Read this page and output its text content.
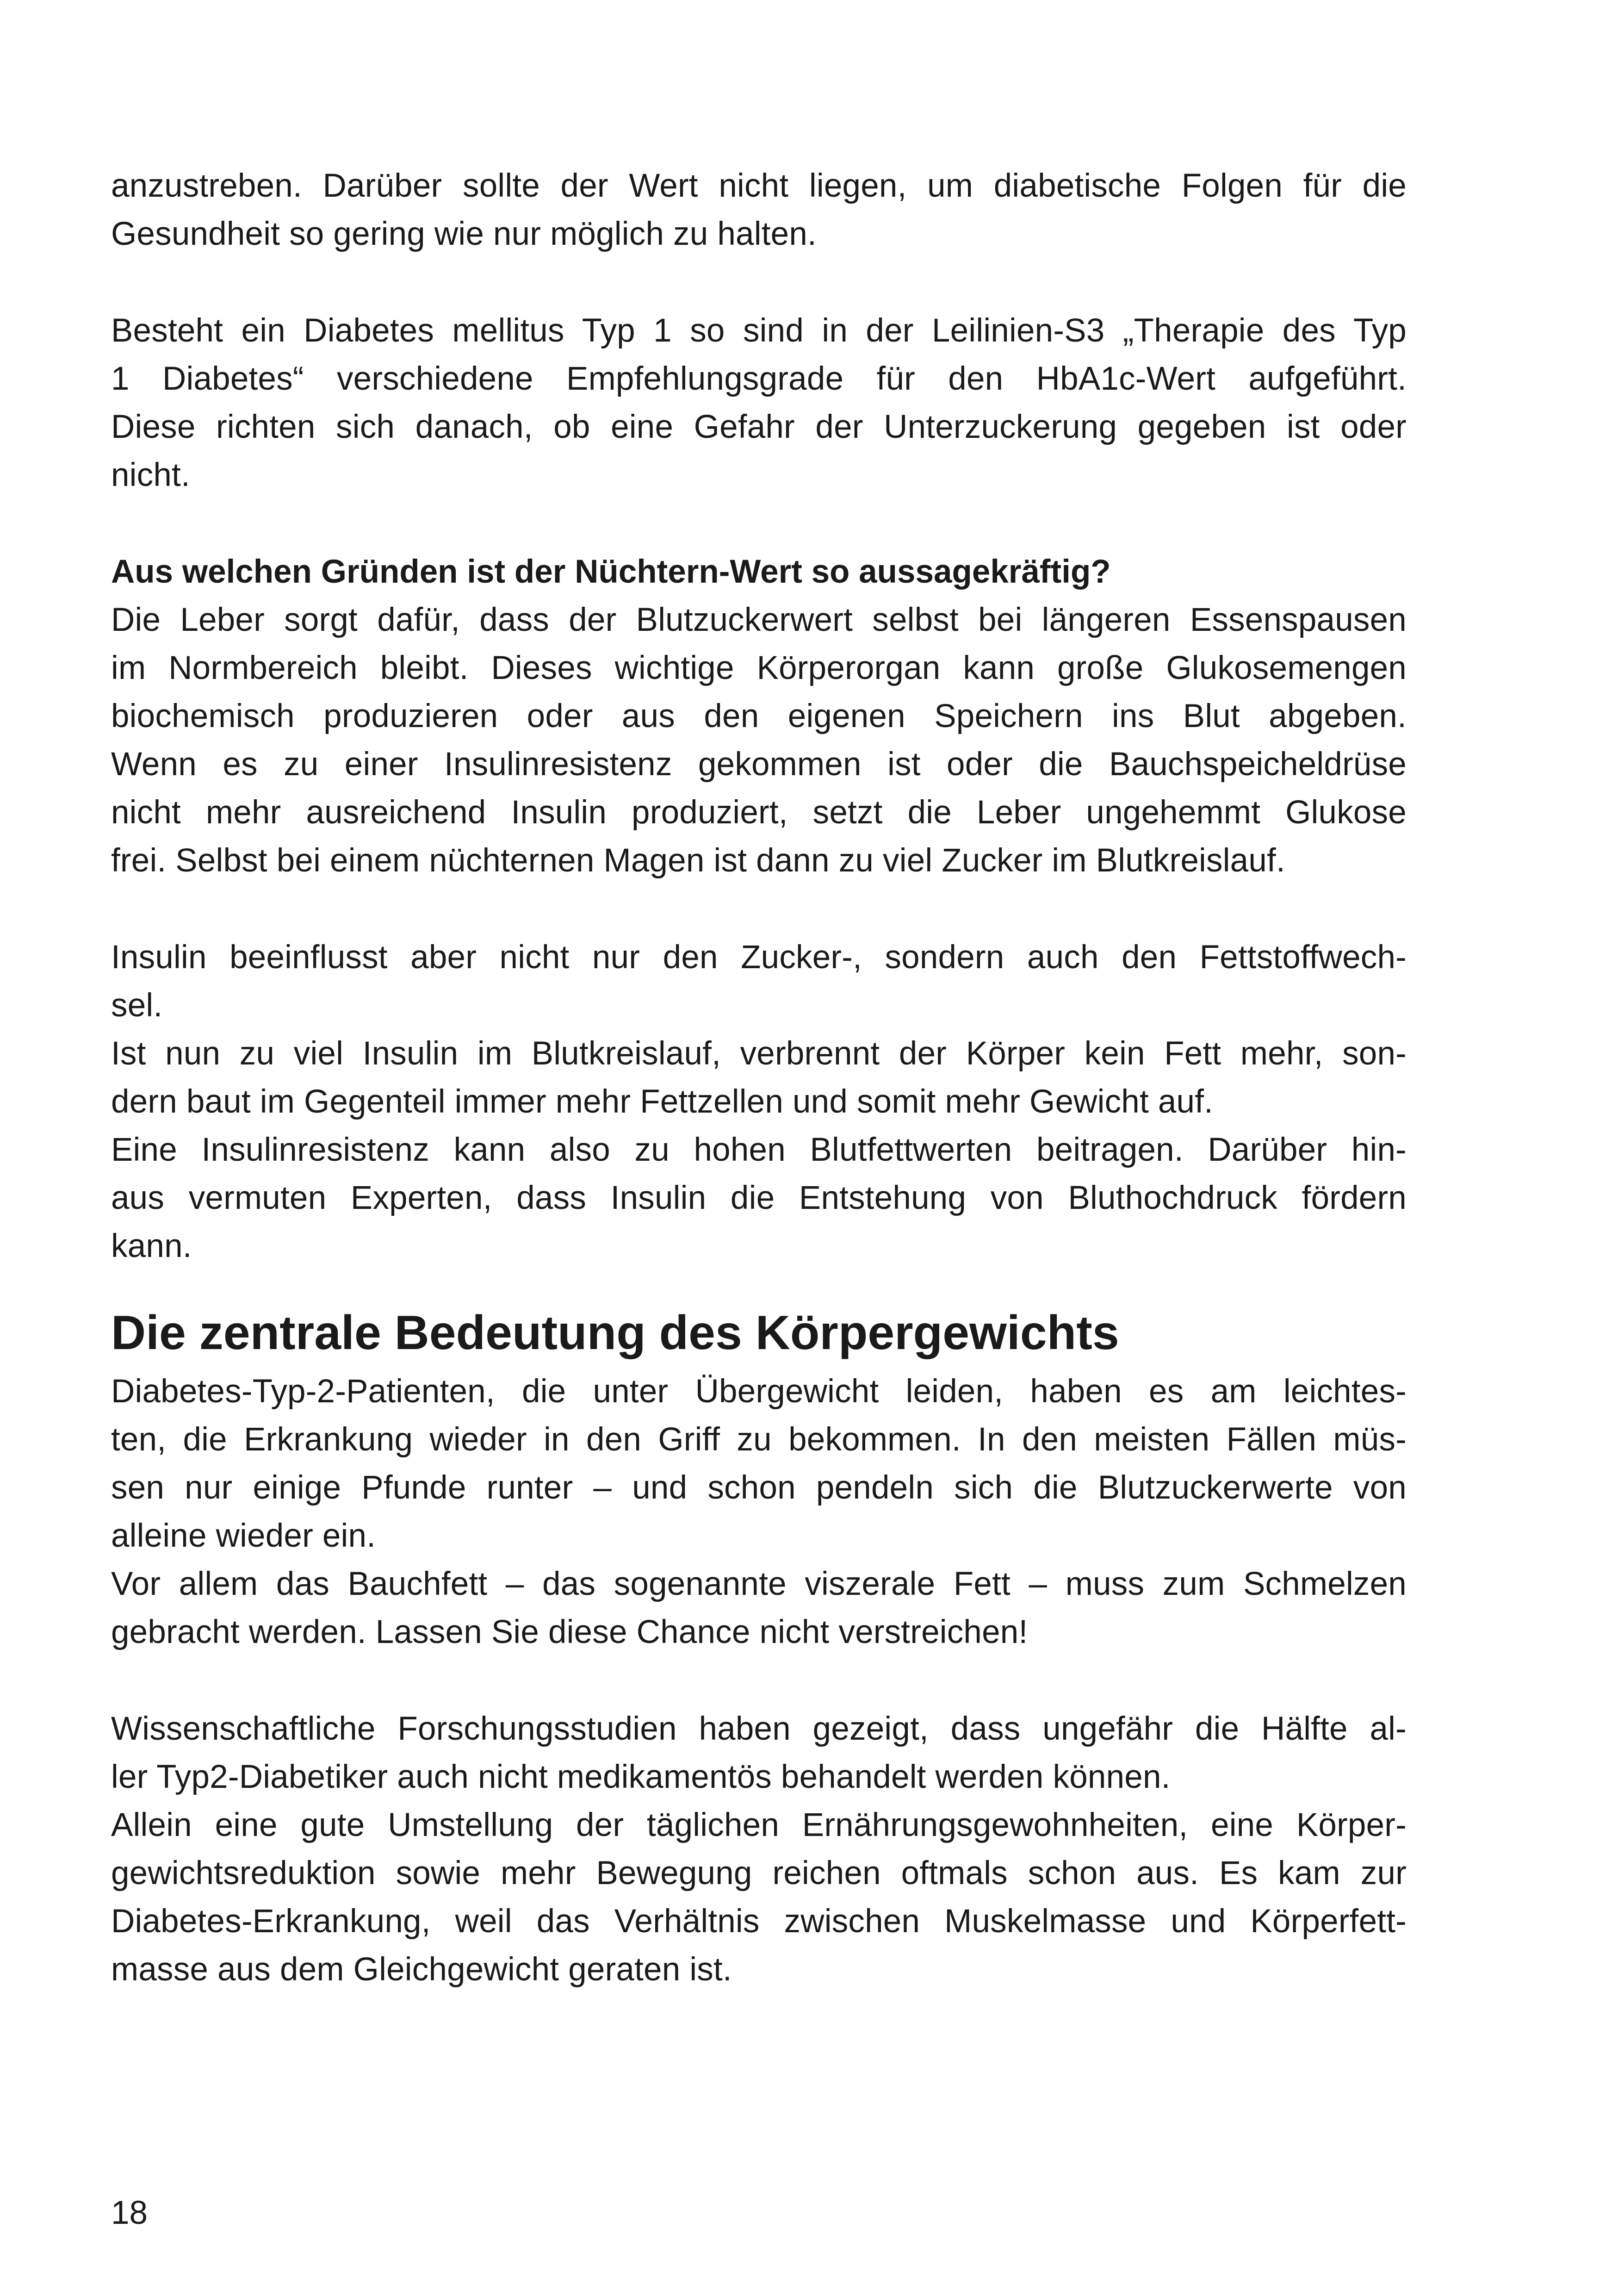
anzustreben. Darüber sollte der Wert nicht liegen, um diabetische Folgen für die
Gesundheit so gering wie nur möglich zu halten.
Besteht ein Diabetes mellitus Typ 1 so sind in der Leilinien-S3 „Therapie des Typ
1 Diabetes“ verschiedene Empfehlungsgrade für den HbA1c-Wert aufgeführt.
Diese richten sich danach, ob eine Gefahr der Unterzuckerung gegeben ist oder
nicht.
Aus welchen Gründen ist der Nüchtern-Wert so aussagekräftig?
Die Leber sorgt dafür, dass der Blutzuckerwert selbst bei längeren Essenspausen
im Normbereich bleibt. Dieses wichtige Körperorgan kann große Glukosemengen
biochemisch produzieren oder aus den eigenen Speichern ins Blut abgeben.
Wenn es zu einer Insulinresistenz gekommen ist oder die Bauchspeicheldrüse
nicht mehr ausreichend Insulin produziert, setzt die Leber ungehemmt Glukose
frei. Selbst bei einem nüchternen Magen ist dann zu viel Zucker im Blutkreislauf.
Insulin beeinflusst aber nicht nur den Zucker-, sondern auch den Fettstoffwech-
sel.
Ist nun zu viel Insulin im Blutkreislauf, verbrennt der Körper kein Fett mehr, son-
dern baut im Gegenteil immer mehr Fettzellen und somit mehr Gewicht auf.
Eine Insulinresistenz kann also zu hohen Blutfettwerten beitragen. Darüber hin-
aus vermuten Experten, dass Insulin die Entstehung von Bluthochdruck fördern
kann.
Die zentrale Bedeutung des Körpergewichts
Diabetes-Typ-2-Patienten, die unter Übergewicht leiden, haben es am leichtes-
ten, die Erkrankung wieder in den Griff zu bekommen. In den meisten Fällen müs-
sen nur einige Pfunde runter – und schon pendeln sich die Blutzuckerwerte von
alleine wieder ein.
Vor allem das Bauchfett – das sogenannte viszerale Fett – muss zum Schmelzen
gebracht werden. Lassen Sie diese Chance nicht verstreichen!
Wissenschaftliche Forschungsstudien haben gezeigt, dass ungefähr die Hälfte al-
ler Typ2-Diabetiker auch nicht medikamentös behandelt werden können.
Allein eine gute Umstellung der täglichen Ernährungsgewohnheiten, eine Körper-
gewichtsreduktion sowie mehr Bewegung reichen oftmals schon aus. Es kam zur
Diabetes-Erkrankung, weil das Verhältnis zwischen Muskelmasse und Körperfett-
masse aus dem Gleichgewicht geraten ist.
18
